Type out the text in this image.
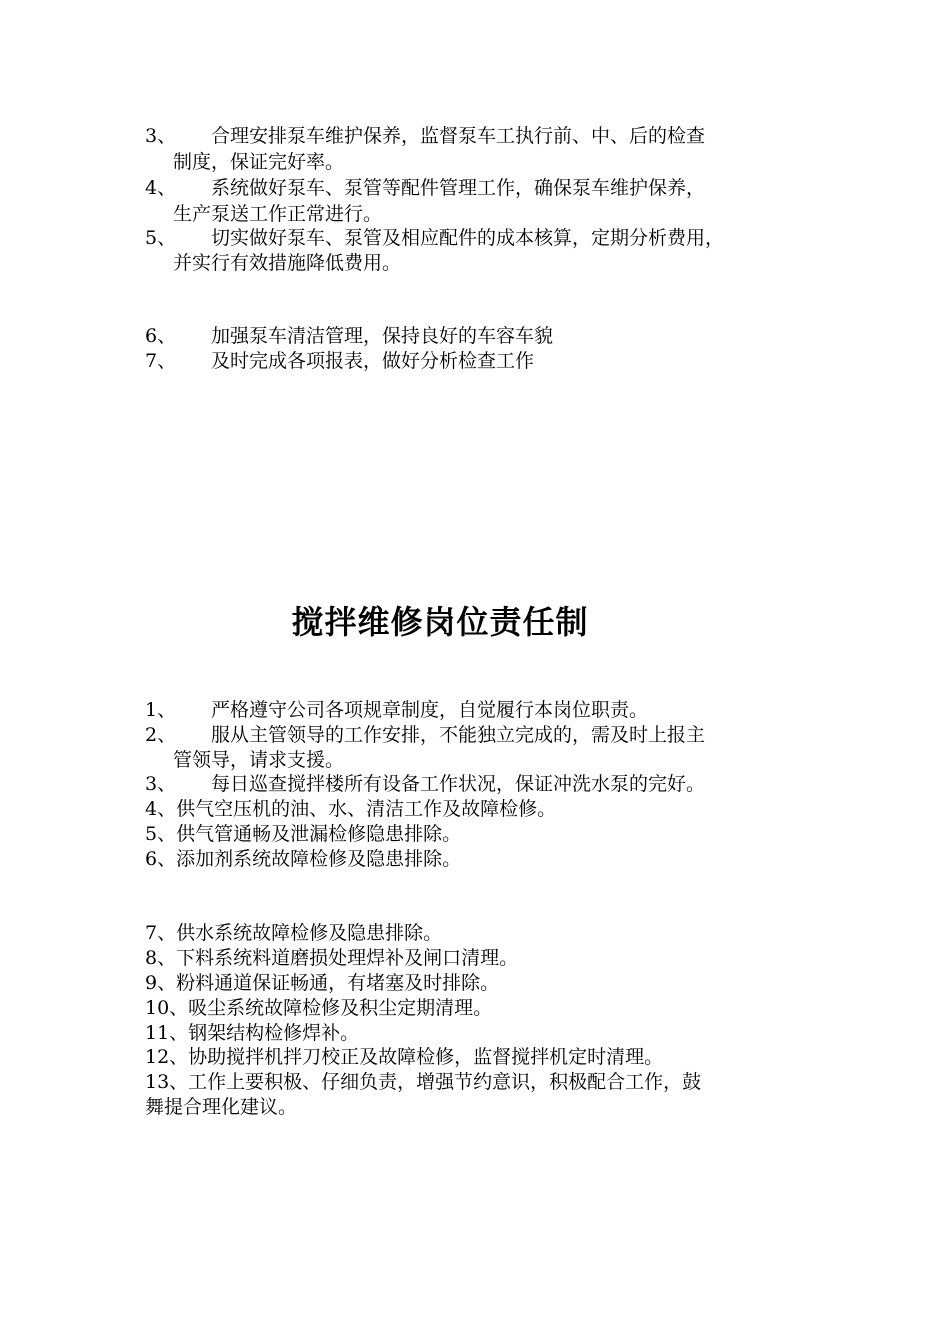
3、 合理安排泵车维护保养，监督泵车工执行前、中、后的检查
制度，保证完好率。
4、 系统做好泵车、泵管等配件管理工作，确保泵车维护保养，
生产泵送工作正常进行。
5、 切实做好泵车、泵管及相应配件的成本核算，定期分析费用，
并实行有效措施降低费用。
6、 加强泵车清洁管理，保持良好的车容车貌
7、 及时完成各项报表，做好分析检查工作
搅拌维修岗位责任制
1、 严格遵守公司各项规章制度，自觉履行本岗位职责。
2、 服从主管领导的工作安排，不能独立完成的，需及时上报主
管领导，请求支援。
3、 每日巡查搅拌楼所有设备工作状况，保证冲洗水泵的完好。
4、供气空压机的油、水、清洁工作及故障检修。
5、供气管通畅及泄漏检修隐患排除。
6、添加剂系统故障检修及隐患排除。
7、供水系统故障检修及隐患排除。
8、下料系统料道磨损处理焊补及闸口清理。
9、粉料通道保证畅通，有堵塞及时排除。
10、吸尘系统故障检修及积尘定期清理。
11、钢架结构检修焊补。
12、协助搅拌机拌刀校正及故障检修，监督搅拌机定时清理。
13、工作上要积极、仔细负责，增强节约意识，积极配合工作，鼓
舞提合理化建议。
